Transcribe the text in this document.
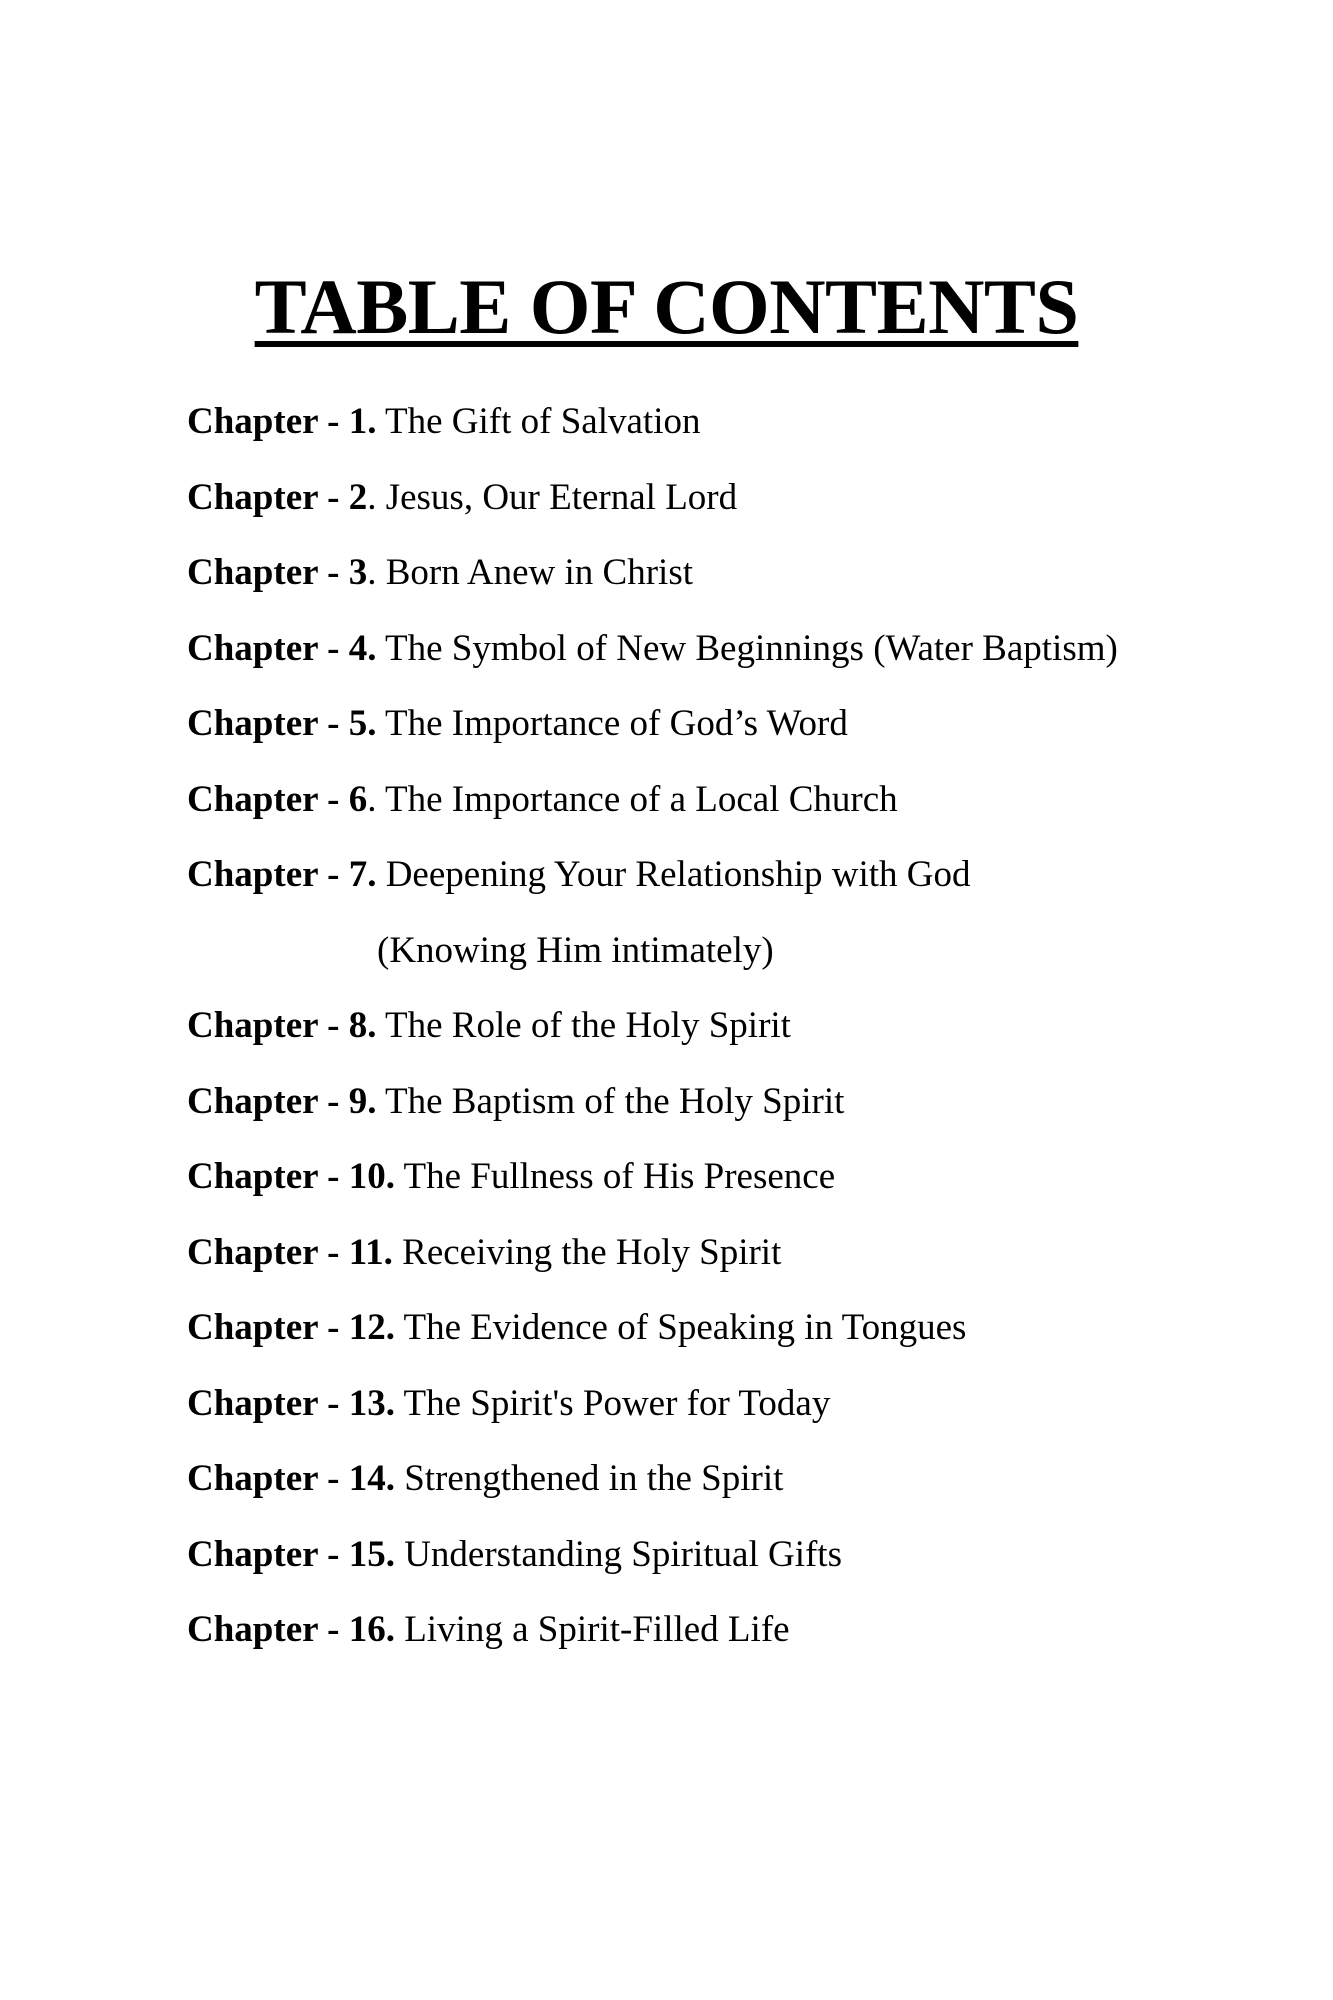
TABLE OF CONTENTS
Chapter - 1. The Gift of Salvation
Chapter - 2. Jesus, Our Eternal Lord
Chapter - 3. Born Anew in Christ
Chapter - 4. The Symbol of New Beginnings (Water Baptism)
Chapter - 5. The Importance of God’s Word
Chapter - 6. The Importance of a Local Church
Chapter - 7. Deepening Your Relationship with God
(Knowing Him intimately)
Chapter - 8. The Role of the Holy Spirit
Chapter - 9. The Baptism of the Holy Spirit
Chapter - 10. The Fullness of His Presence
Chapter - 11. Receiving the Holy Spirit
Chapter - 12. The Evidence of Speaking in Tongues
Chapter - 13. The Spirit's Power for Today
Chapter - 14. Strengthened in the Spirit
Chapter - 15. Understanding Spiritual Gifts
Chapter - 16. Living a Spirit-Filled Life
